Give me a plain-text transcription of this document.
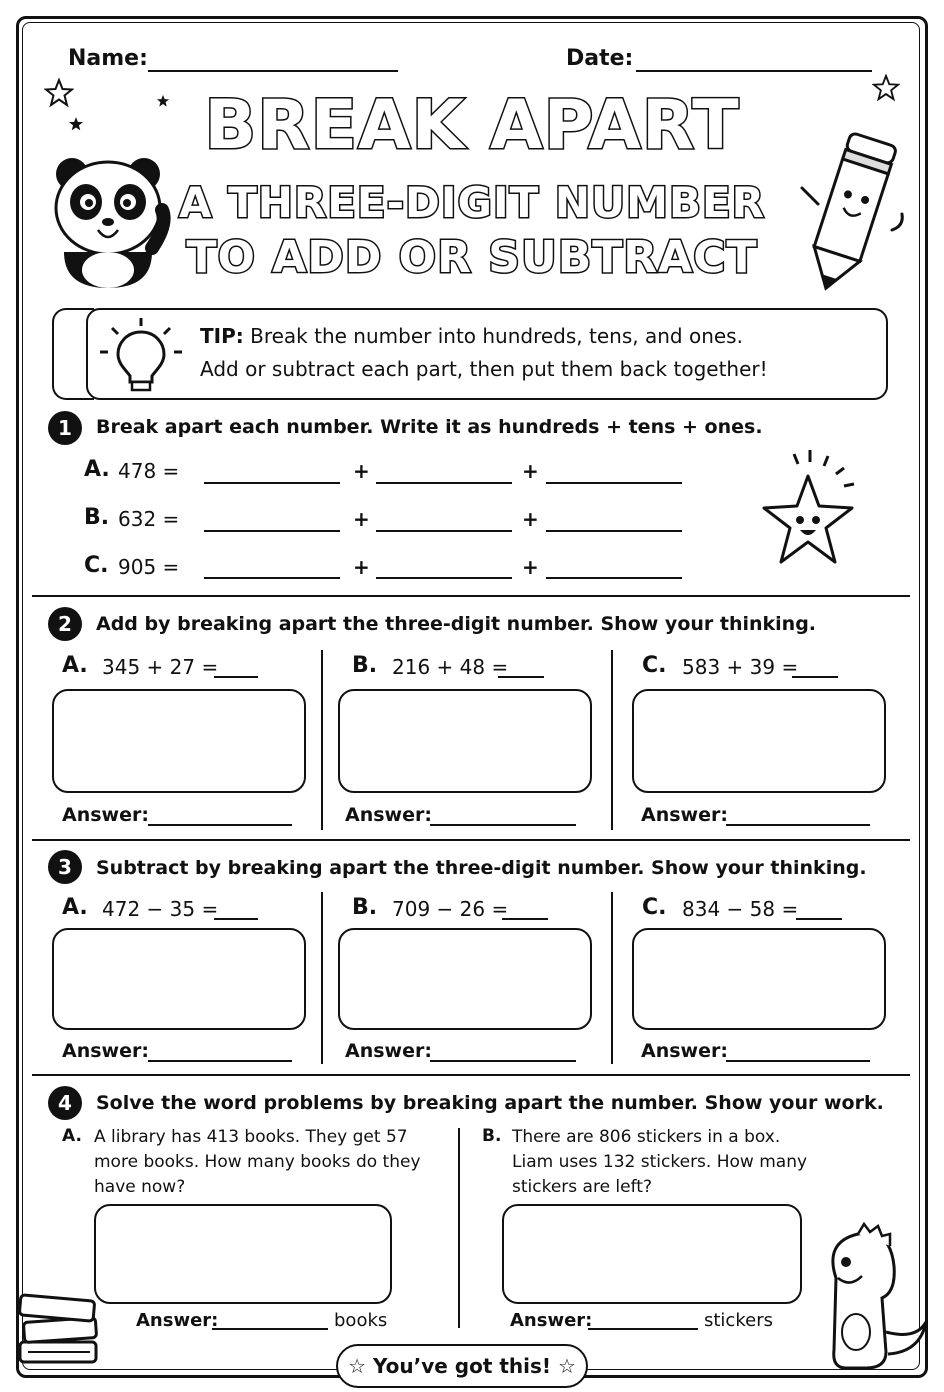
Name:	Date:
BREAK APART
A THREE-DIGIT NUMBER
TO ADD OR SUBTRACT
TIP: Break the number into hundreds, tens, and ones.
Add or subtract each part, then put them back together!
1	Break apart each number. Write it as hundreds + tens + ones.
A. 478 =	+	+
B. 632 =	+	+
C. 905 =	+	+
2	Add by breaking apart the three-digit number. Show your thinking.
A. 345 + 27 =
Answer:
B. 216 + 48 =
Answer:
C. 583 + 39 =
Answer:
3	Subtract by breaking apart the three-digit number. Show your thinking.
A. 472 − 35 =
Answer:
B. 709 − 26 =
Answer:
C. 834 − 58 =
Answer:
4	Solve the word problems by breaking apart the number. Show your work.
A. A library has 413 books. They get 57
more books. How many books do they
have now?
Answer:	books
B. There are 806 stickers in a box.
Liam uses 132 stickers. How many
stickers are left?
Answer:	stickers
☆ You’ve got this! ☆
